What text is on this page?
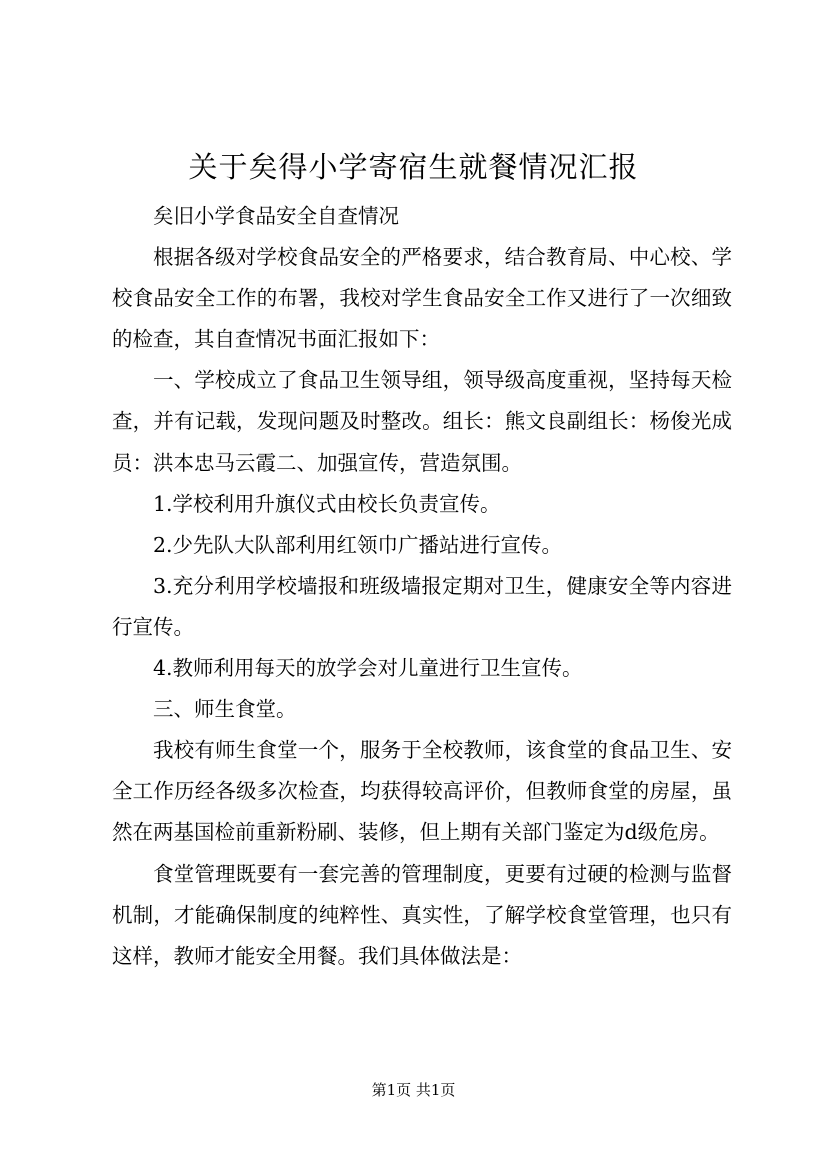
关于矣得小学寄宿生就餐情况汇报

矣旧小学食品安全自查情况

根据各级对学校食品安全的严格要求，结合教育局、中心校、学校食品安全工作的布署，我校对学生食品安全工作又进行了一次细致的检查，其自查情况书面汇报如下：

一、学校成立了食品卫生领导组，领导级高度重视，坚持每天检查，并有记载，发现问题及时整改。组长：熊文良副组长：杨俊光成员：洪本忠马云霞二、加强宣传，营造氛围。

1.学校利用升旗仪式由校长负责宣传。

2.少先队大队部利用红领巾广播站进行宣传。

3.充分利用学校墙报和班级墙报定期对卫生，健康安全等内容进行宣传。

4.教师利用每天的放学会对儿童进行卫生宣传。

三、师生食堂。

我校有师生食堂一个，服务于全校教师，该食堂的食品卫生、安全工作历经各级多次检查，均获得较高评价，但教师食堂的房屋，虽然在两基国检前重新粉刷、装修，但上期有关部门鉴定为d级危房。

食堂管理既要有一套完善的管理制度，更要有过硬的检测与监督机制，才能确保制度的纯粹性、真实性，了解学校食堂管理，也只有这样，教师才能安全用餐。我们具体做法是：

第1页 共1页
